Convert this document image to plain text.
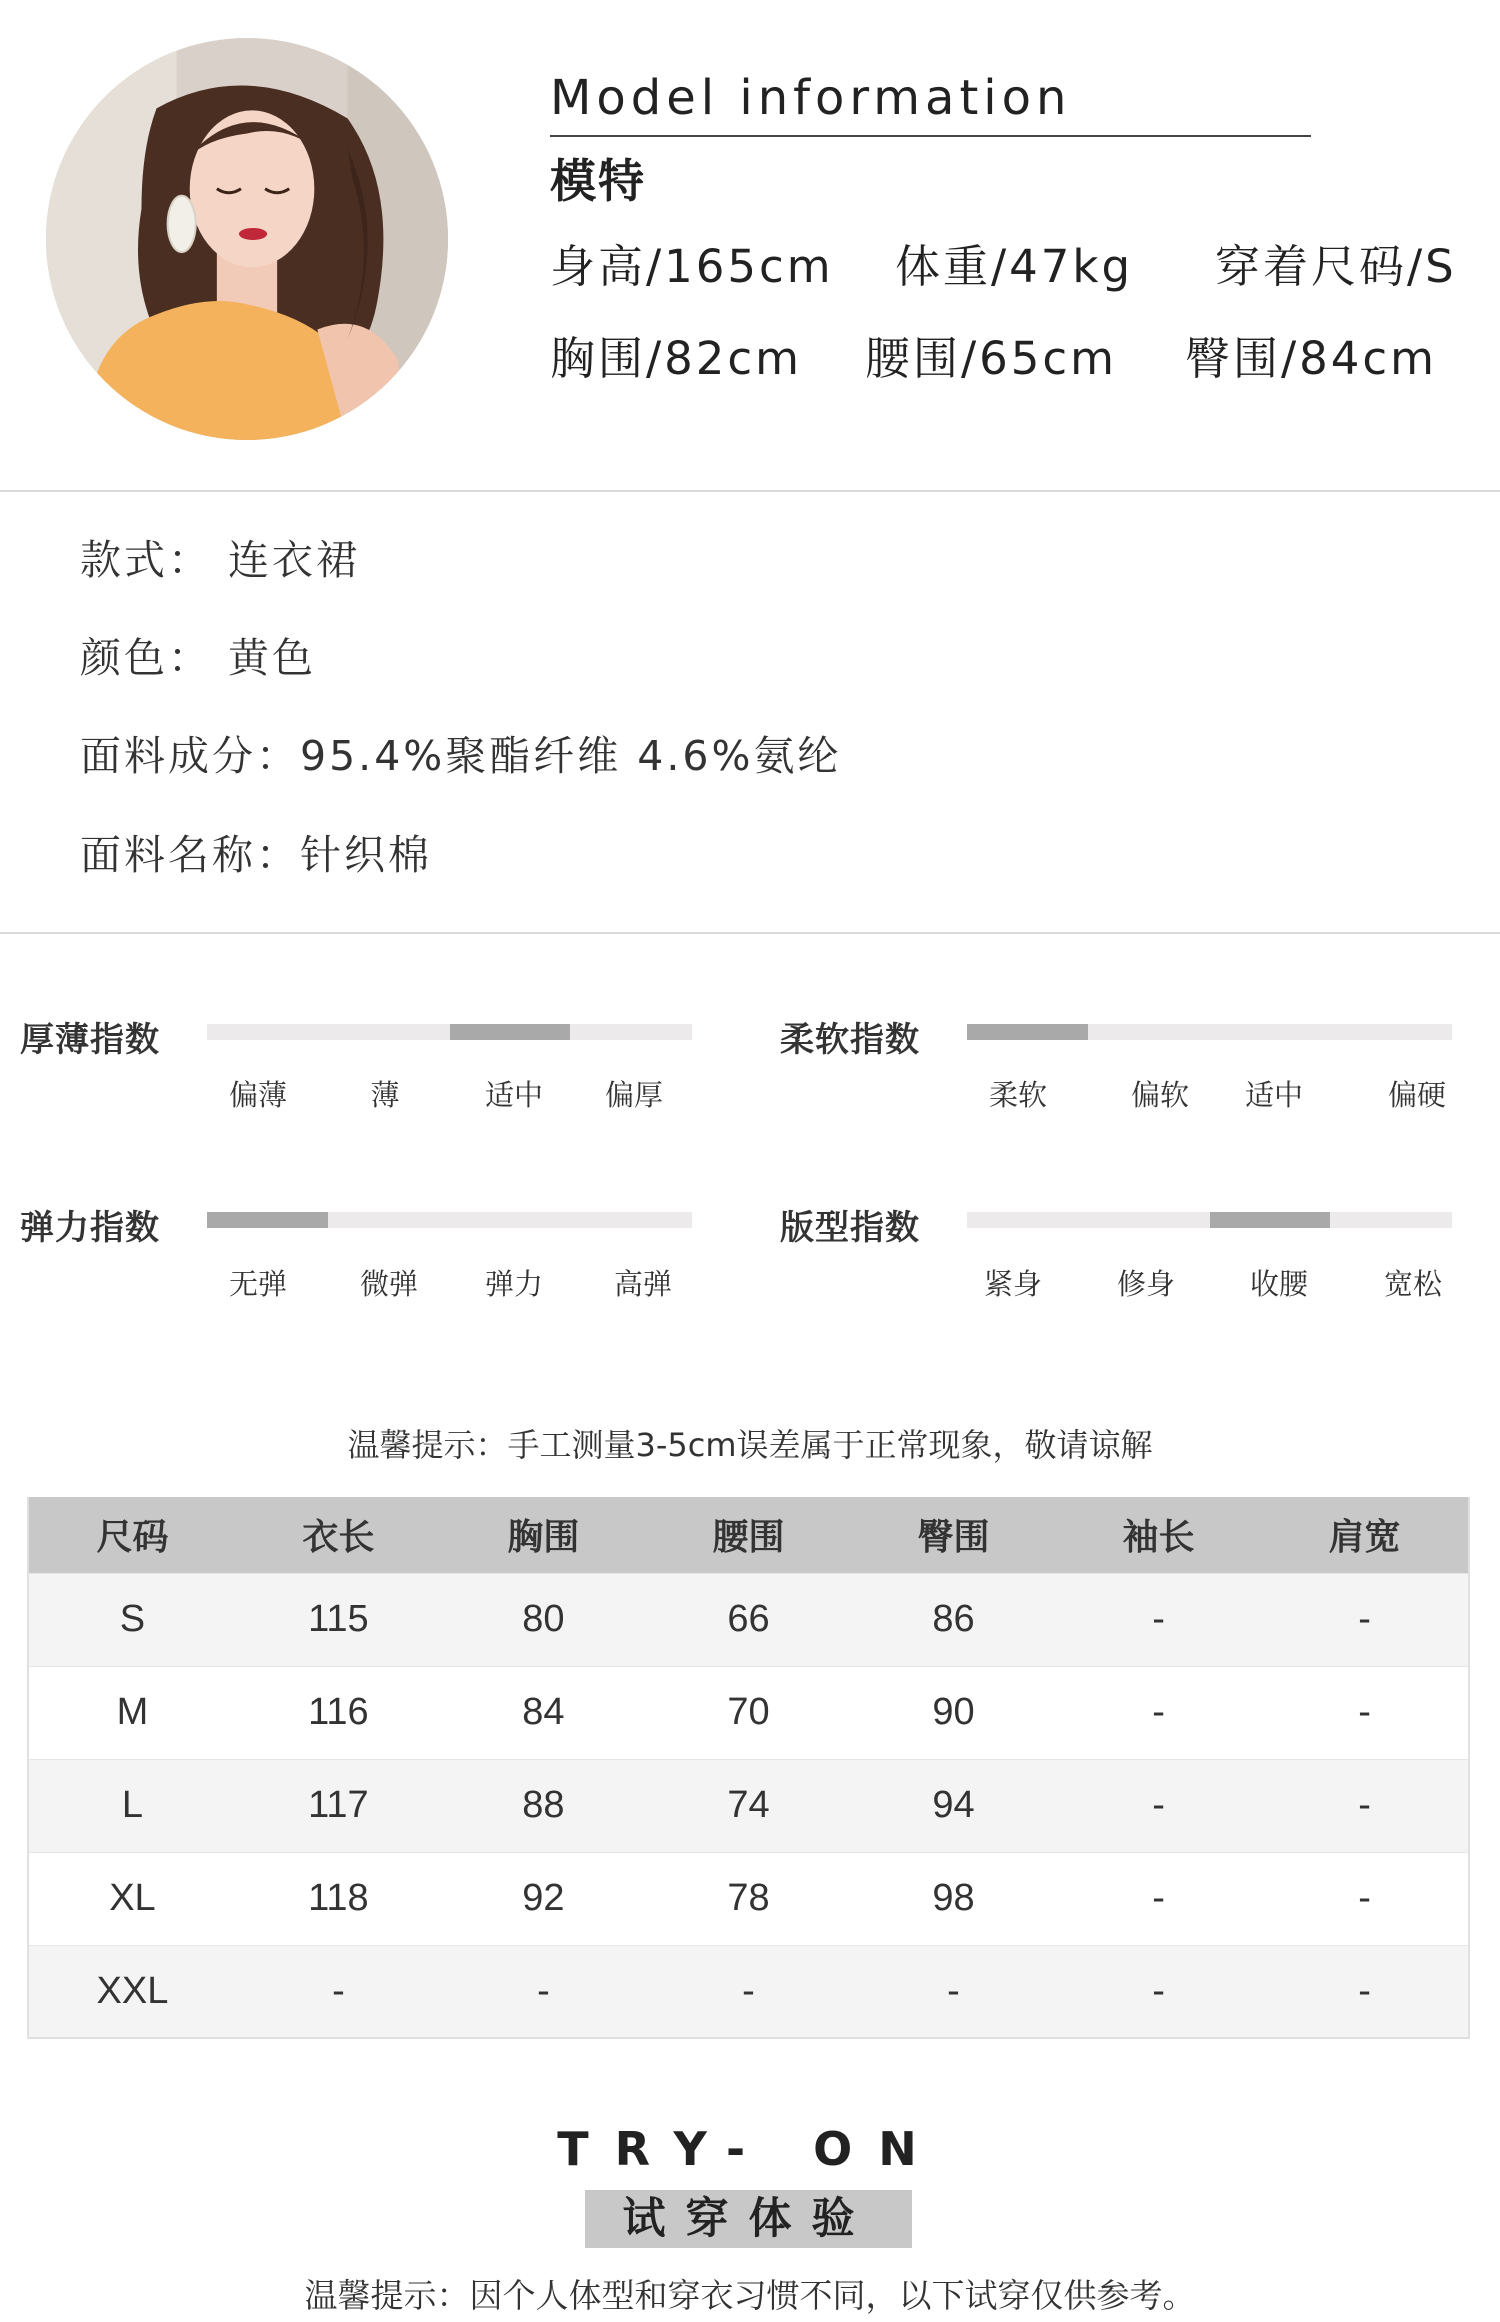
Model information
模特
身高/165cm 体重/47kg 穿着尺码/S
胸围/82cm 腰围/65cm 臀围/84cm
款式： 连衣裙
颜色： 黄色
面料成分：95.4%聚酯纤维 4.6%氨纶
面料名称：针织棉
厚薄指数
偏薄	薄	适中	偏厚
柔软指数
柔软	偏软	适中	偏硬
弹力指数
无弹	微弹	弹力	高弹
版型指数
紧身	修身	收腰	宽松
温馨提示：手工测量3-5cm误差属于正常现象，敬请谅解
尺码	衣长	胸围	腰围	臀围	袖长	肩宽
S	115	80	66	86	-	-
M	116	84	70	90	-	-
L	117	88	74	94	-	-
XL	118	92	78	98	-	-
XXL	-	-	-	-	-	-
TRY- ON
试穿体验
温馨提示：因个人体型和穿衣习惯不同，以下试穿仅供参考。
